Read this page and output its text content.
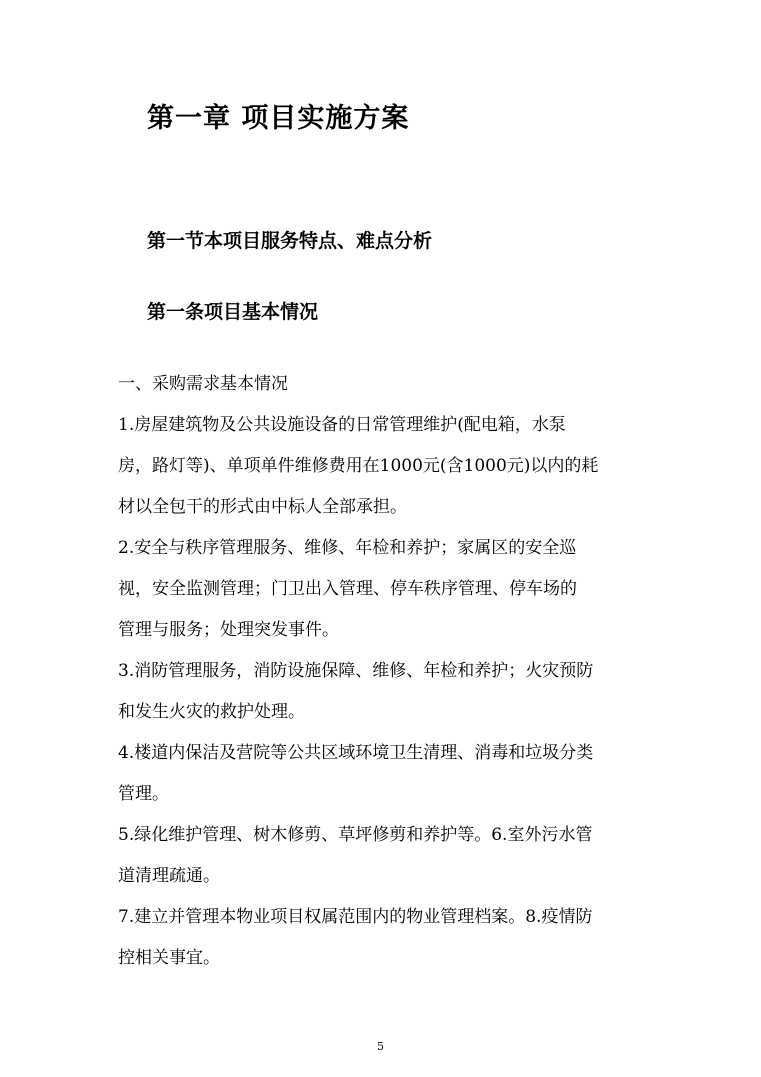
第一章 项目实施方案
第一节本项目服务特点、难点分析
第一条项目基本情况

一、采购需求基本情况

1.房屋建筑物及公共设施设备的日常管理维护(配电箱，水泵

房，路灯等)、单项单件维修费用在1000元(含1000元)以内的耗

材以全包干的形式由中标人全部承担。

2.安全与秩序管理服务、维修、年检和养护；家属区的安全巡

视，安全监测管理；门卫出入管理、停车秩序管理、停车场的

管理与服务；处理突发事件。

3.消防管理服务，消防设施保障、维修、年检和养护；火灾预防

和发生火灾的救护处理。

4.楼道内保洁及营院等公共区域环境卫生清理、消毒和垃圾分类

管理。

5.绿化维护管理、树木修剪、草坪修剪和养护等。6.室外污水管

道清理疏通。

7.建立并管理本物业项目权属范围内的物业管理档案。8.疫情防

控相关事宜。

5
